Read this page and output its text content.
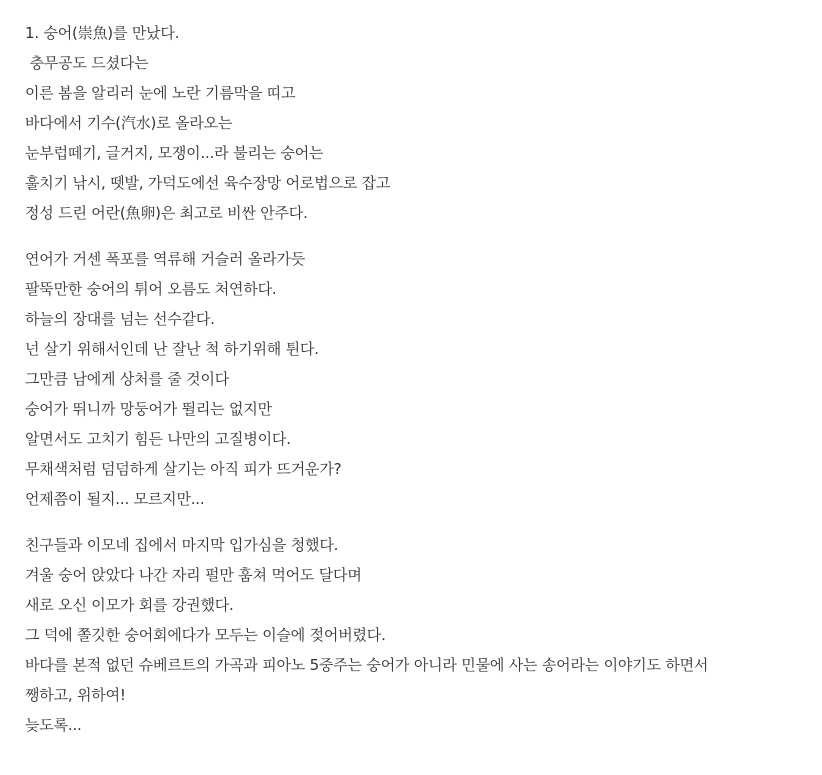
1. 숭어(崇魚)를 만났다.
충무공도 드셨다는
이른 봄을 알리러 눈에 노란 기름막을 띠고
바다에서 기수(汽水)로 올라오는
눈부럽떼기, 글거지, 모쟁이...라 불리는 숭어는
훌치기 낚시, 뗏발, 가덕도에선 육수장망 어로법으로 잡고
정성 드린 어란(魚卵)은 최고로 비싼 안주다.
연어가 거센 폭포를 역류해 거슬러 올라가듯
팔뚝만한 숭어의 튀어 오름도 처연하다.
하늘의 장대를 넘는 선수같다.
넌 살기 위해서인데 난 잘난 척 하기위해 튄다.
그만큼 남에게 상처를 줄 것이다
숭어가 뛰니까 망둥어가 뛸리는 없지만
알면서도 고치기 힘든 나만의 고질병이다.
무채색처럼 덤덤하게 살기는 아직 피가 뜨거운가?
언제쯤이 될지... 모르지만...
친구들과 이모네 집에서 마지막 입가심을 청했다.
겨울 숭어 앉았다 나간 자리 펄만 훔쳐 먹어도 달다며
새로 오신 이모가 회를 강권했다.
그 덕에 쫄깃한 숭어회에다가 모두는 이슬에 젖어버렸다.
바다를 본적 없던 슈베르트의 가곡과 피아노 5중주는 숭어가 아니라 민물에 사는 송어라는 이야기도 하면서
쨍하고, 위하여!
늦도록...
